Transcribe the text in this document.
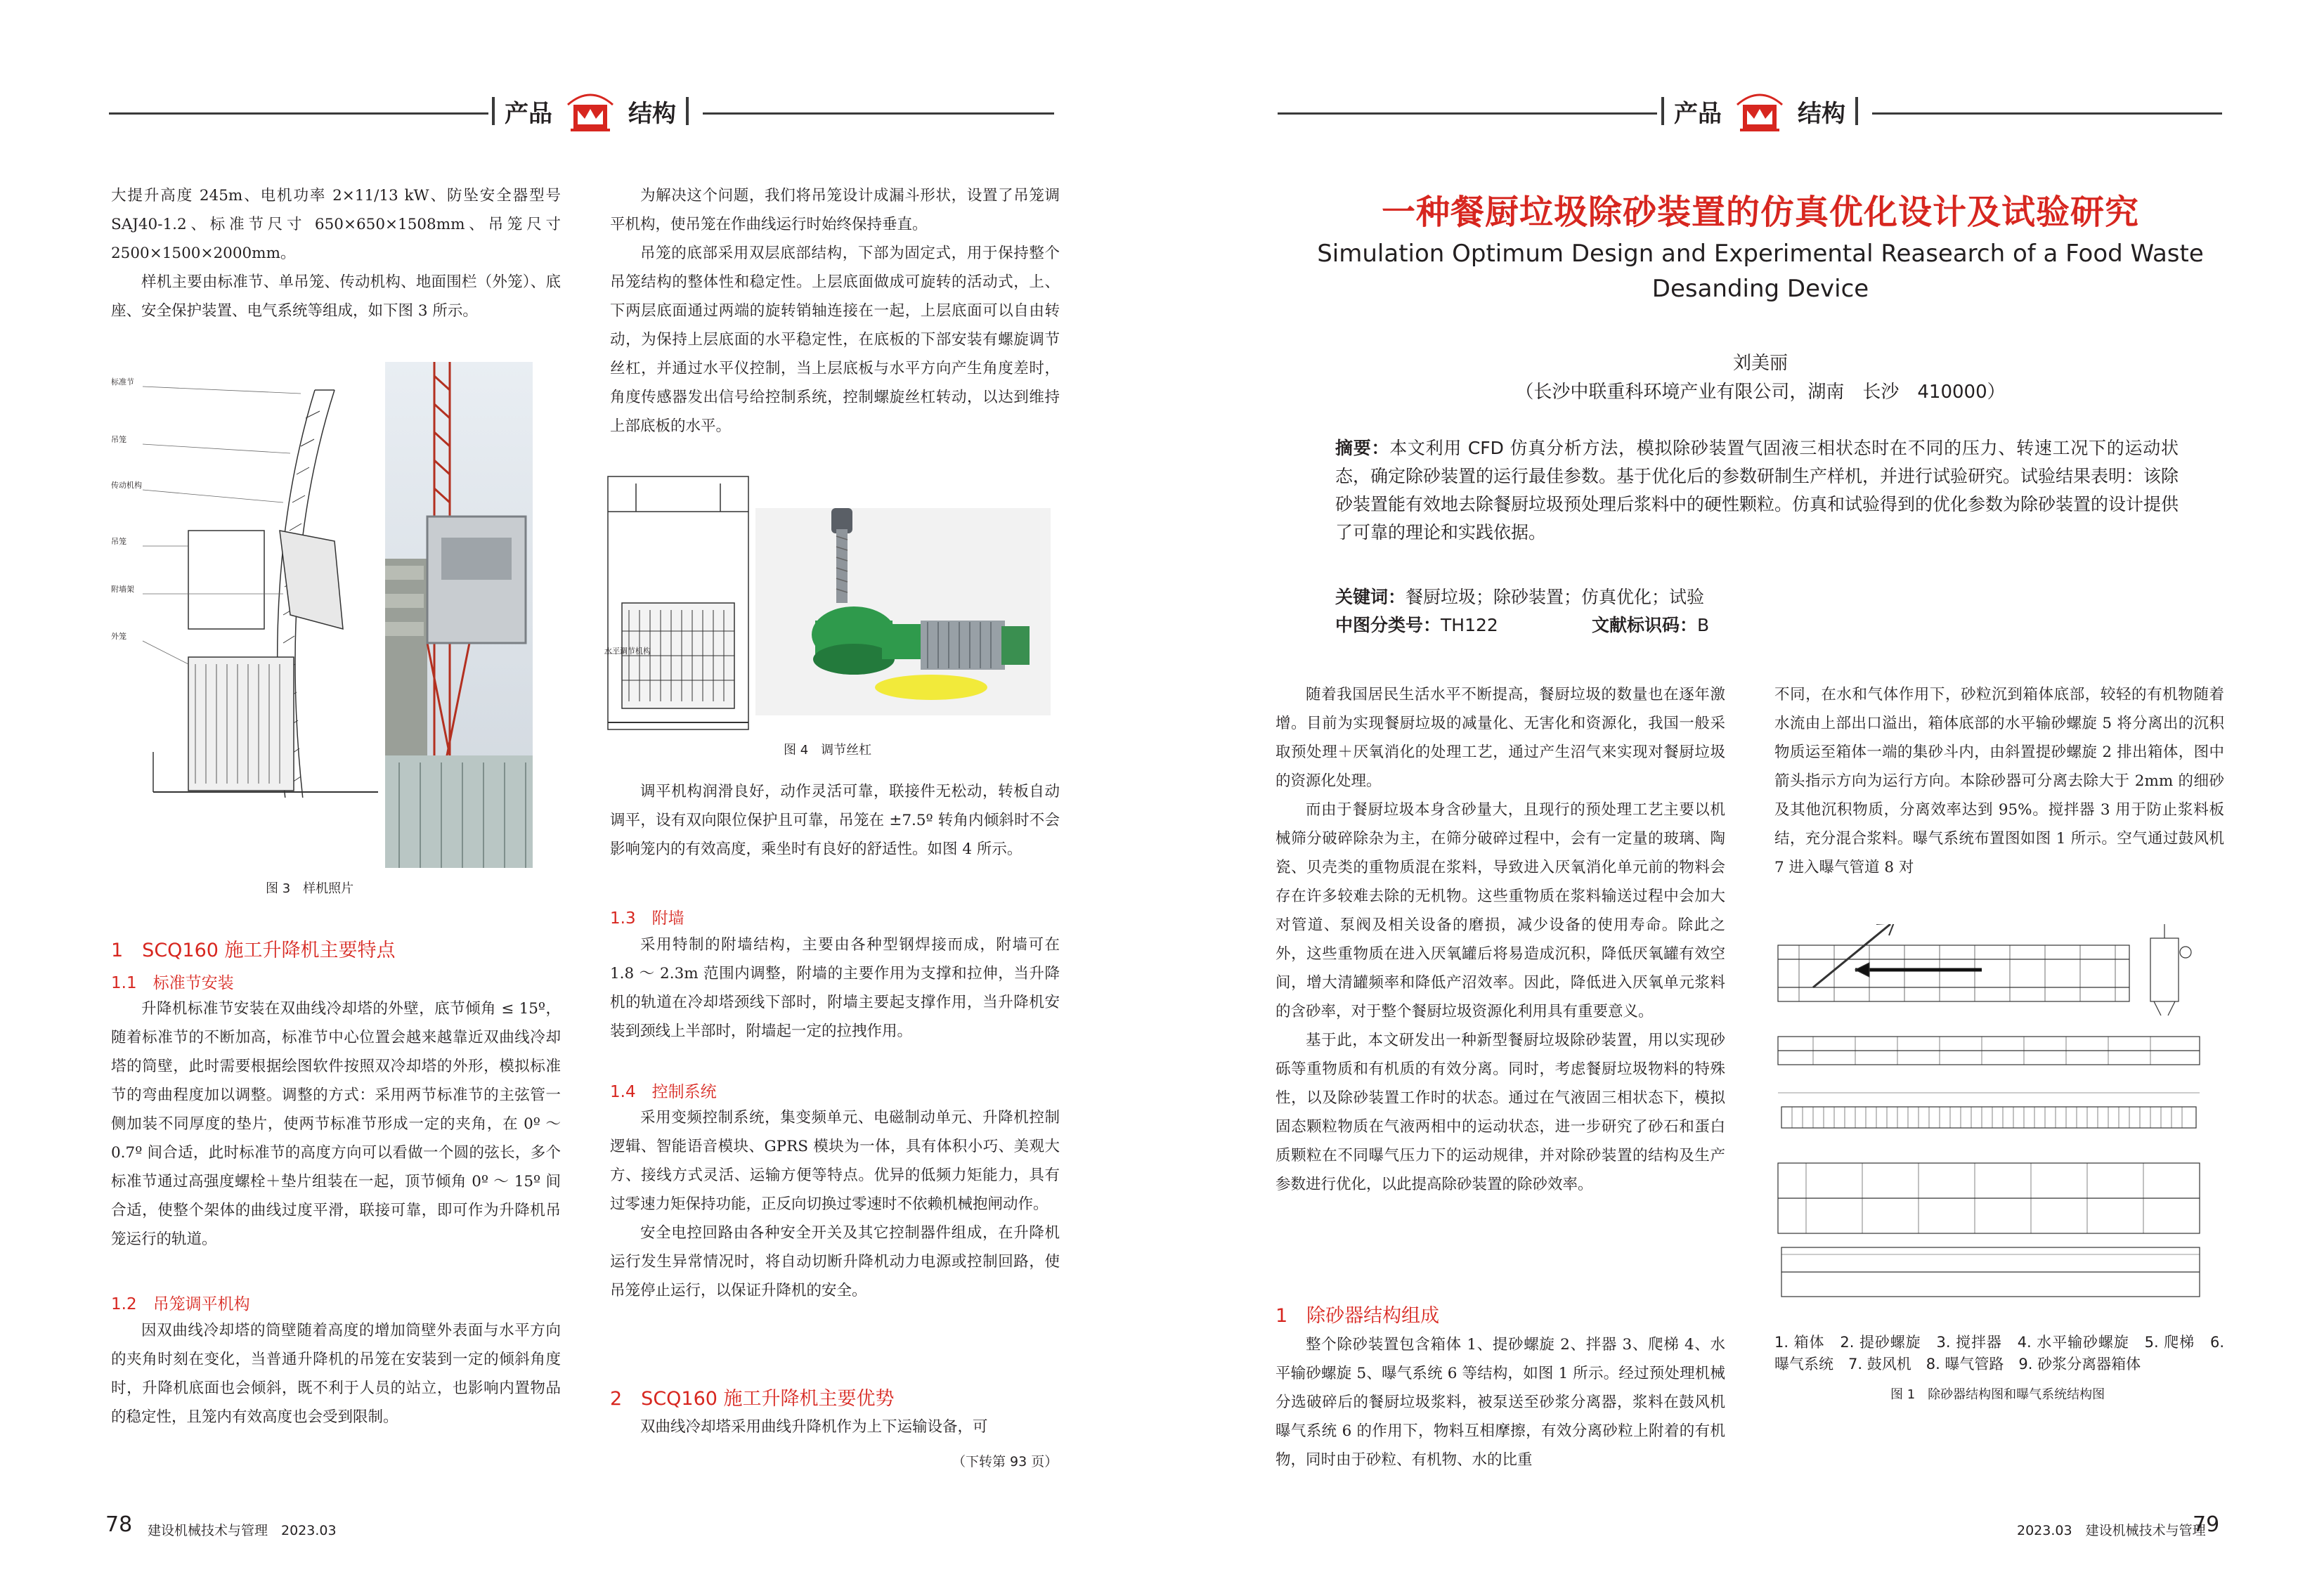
产品	结构	产品	结构

大提升高度 245m、电机功率 2×11/13 kW、防坠安全器型号 SAJ40-1.2、标准节尺寸 650×650×1508mm、吊笼尺寸 2500×1500×2000mm。

样机主要由标准节、单吊笼、传动机构、地面围栏（外笼）、底座、安全保护装置、电气系统等组成，如下图 3 所示。

标准节
吊笼
传动机构
吊笼
附墙架
外笼
图 3　样机照片
1　SCQ160 施工升降机主要特点
1.1　标准节安装

升降机标准节安装在双曲线冷却塔的外壁，底节倾角 ≤ 15º，随着标准节的不断加高，标准节中心位置会越来越靠近双曲线冷却塔的筒壁，此时需要根据绘图软件按照双冷却塔的外形，模拟标准节的弯曲程度加以调整。调整的方式：采用两节标准节的主弦管一侧加装不同厚度的垫片，使两节标准节形成一定的夹角，在 0º ～ 0.7º 间合适，此时标准节的高度方向可以看做一个圆的弦长，多个标准节通过高强度螺栓＋垫片组装在一起，顶节倾角 0º ～ 15º 间合适，使整个架体的曲线过度平滑，联接可靠，即可作为升降机吊笼运行的轨道。

1.2　吊笼调平机构

因双曲线冷却塔的筒壁随着高度的增加筒壁外表面与水平方向的夹角时刻在变化，当普通升降机的吊笼在安装到一定的倾斜角度时，升降机底面也会倾斜，既不利于人员的站立，也影响内置物品的稳定性，且笼内有效高度也会受到限制。

为解决这个问题，我们将吊笼设计成漏斗形状，设置了吊笼调平机构，使吊笼在作曲线运行时始终保持垂直。

吊笼的底部采用双层底部结构，下部为固定式，用于保持整个吊笼结构的整体性和稳定性。上层底面做成可旋转的活动式，上、下两层底面通过两端的旋转销轴连接在一起，上层底面可以自由转动，为保持上层底面的水平稳定性，在底板的下部安装有螺旋调节丝杠，并通过水平仪控制，当上层底板与水平方向产生角度差时，角度传感器发出信号给控制系统，控制螺旋丝杠转动，以达到维持上部底板的水平。

水平调节机构
图 4　调节丝杠

调平机构润滑良好，动作灵活可靠，联接件无松动，转板自动调平，设有双向限位保护且可靠，吊笼在 ±7.5º 转角内倾斜时不会影响笼内的有效高度，乘坐时有良好的舒适性。如图 4 所示。

1.3　附墙

采用特制的附墙结构，主要由各种型钢焊接而成，附墙可在 1.8 ～ 2.3m 范围内调整，附墙的主要作用为支撑和拉伸，当升降机的轨道在冷却塔颈线下部时，附墙主要起支撑作用，当升降机安装到颈线上半部时，附墙起一定的拉拽作用。

1.4　控制系统

采用变频控制系统，集变频单元、电磁制动单元、升降机控制逻辑、智能语音模块、GPRS 模块为一体，具有体积小巧、美观大方、接线方式灵活、运输方便等特点。优异的低频力矩能力，具有过零速力矩保持功能，正反向切换过零速时不依赖机械抱闸动作。

安全电控回路由各种安全开关及其它控制器件组成，在升降机运行发生异常情况时，将自动切断升降机动力电源或控制回路，使吊笼停止运行，以保证升降机的安全。

2　SCQ160 施工升降机主要优势

双曲线冷却塔采用曲线升降机作为上下运输设备，可

（下转第 93 页）
78 建设机械技术与管理　2023.03
一种餐厨垃圾除砂装置的仿真优化设计及试验研究
Simulation Optimum Design and Experimental Reasearch of a Food Waste
Desanding Device
刘美丽
（长沙中联重科环境产业有限公司，湖南　长沙　410000）
摘要：本文利用 CFD 仿真分析方法，模拟除砂装置气固液三相状态时在不同的压力、转速工况下的运动状态，确定除砂装置的运行最佳参数。基于优化后的参数研制生产样机，并进行试验研究。试验结果表明：该除砂装置能有效地去除餐厨垃圾预处理后浆料中的硬性颗粒。仿真和试验得到的优化参数为除砂装置的设计提供了可靠的理论和实践依据。
关键词：餐厨垃圾；除砂装置；仿真优化；试验
中图分类号：TH122	文献标识码：B

随着我国居民生活水平不断提高，餐厨垃圾的数量也在逐年激增。目前为实现餐厨垃圾的减量化、无害化和资源化，我国一般采取预处理＋厌氧消化的处理工艺，通过产生沼气来实现对餐厨垃圾的资源化处理。

而由于餐厨垃圾本身含砂量大，且现行的预处理工艺主要以机械筛分破碎除杂为主，在筛分破碎过程中，会有一定量的玻璃、陶瓷、贝壳类的重物质混在浆料，导致进入厌氧消化单元前的物料会存在许多较难去除的无机物。这些重物质在浆料输送过程中会加大对管道、泵阀及相关设备的磨损，减少设备的使用寿命。除此之外，这些重物质在进入厌氧罐后将易造成沉积，降低厌氧罐有效空间，增大清罐频率和降低产沼效率。因此，降低进入厌氧单元浆料的含砂率，对于整个餐厨垃圾资源化利用具有重要意义。

基于此，本文研发出一种新型餐厨垃圾除砂装置，用以实现砂砾等重物质和有机质的有效分离。同时，考虑餐厨垃圾物料的特殊性，以及除砂装置工作时的状态。通过在气液固三相状态下，模拟固态颗粒物质在气液两相中的运动状态，进一步研究了砂石和蛋白质颗粒在不同曝气压力下的运动规律，并对除砂装置的结构及生产参数进行优化，以此提高除砂装置的除砂效率。

1　除砂器结构组成

整个除砂装置包含箱体 1、提砂螺旋 2、拌器 3、爬梯 4、水平输砂螺旋 5、曝气系统 6 等结构，如图 1 所示。经过预处理机械分选破碎后的餐厨垃圾浆料，被泵送至砂浆分离器，浆料在鼓风机曝气系统 6 的作用下，物料互相摩擦，有效分离砂粒上附着的有机物，同时由于砂粒、有机物、水的比重

不同，在水和气体作用下，砂粒沉到箱体底部，较轻的有机物随着水流由上部出口溢出，箱体底部的水平输砂螺旋 5 将分离出的沉积物质运至箱体一端的集砂斗内，由斜置提砂螺旋 2 排出箱体，图中箭头指示方向为运行方向。本除砂器可分离去除大于 2mm 的细砂及其他沉积物质，分离效率达到 95%。搅拌器 3 用于防止浆料板结，充分混合浆料。曝气系统布置图如图 1 所示。空气通过鼓风机 7 进入曝气管道 8 对

1. 箱体　2. 提砂螺旋　3. 搅拌器　4. 水平输砂螺旋　5. 爬梯　6. 曝气系统　7. 鼓风机　8. 曝气管路　9. 砂浆分离器箱体
图 1　除砂器结构图和曝气系统结构图
2023.03　建设机械技术与管理
79
